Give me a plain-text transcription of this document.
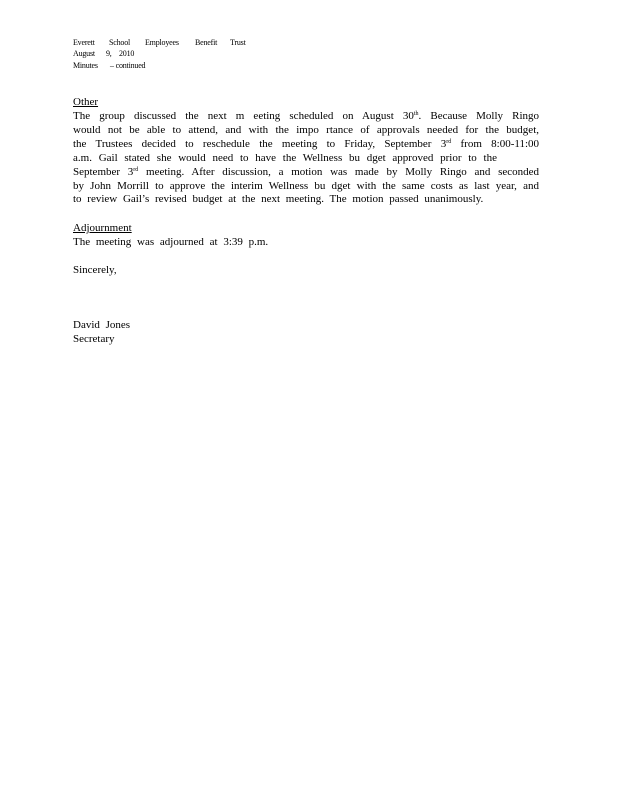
Everett School Employees Benefit Trust
August 9, 2010
Minutes – continued
Other
The group discussed the next m eeting scheduled on August 30th. Because Molly Ringo
would not be able to attend, and with the impo rtance of approvals needed for the budget,
the Trustees decided to reschedule the meeting to Friday, September 3rd from 8:00-11:00
a.m. Gail stated she would need to have the Wellness bu dget approved prior to the
September 3rd meeting. After discussion, a motion was made by Molly Ringo and seconded
by John Morrill to approve the interim Wellness bu dget with the same costs as last year, and
to review Gail’s revised budget at the next meeting. The motion passed unanimously.
Adjournment
The meeting was adjourned at 3:39 p.m.
Sincerely,
David Jones
Secretary
